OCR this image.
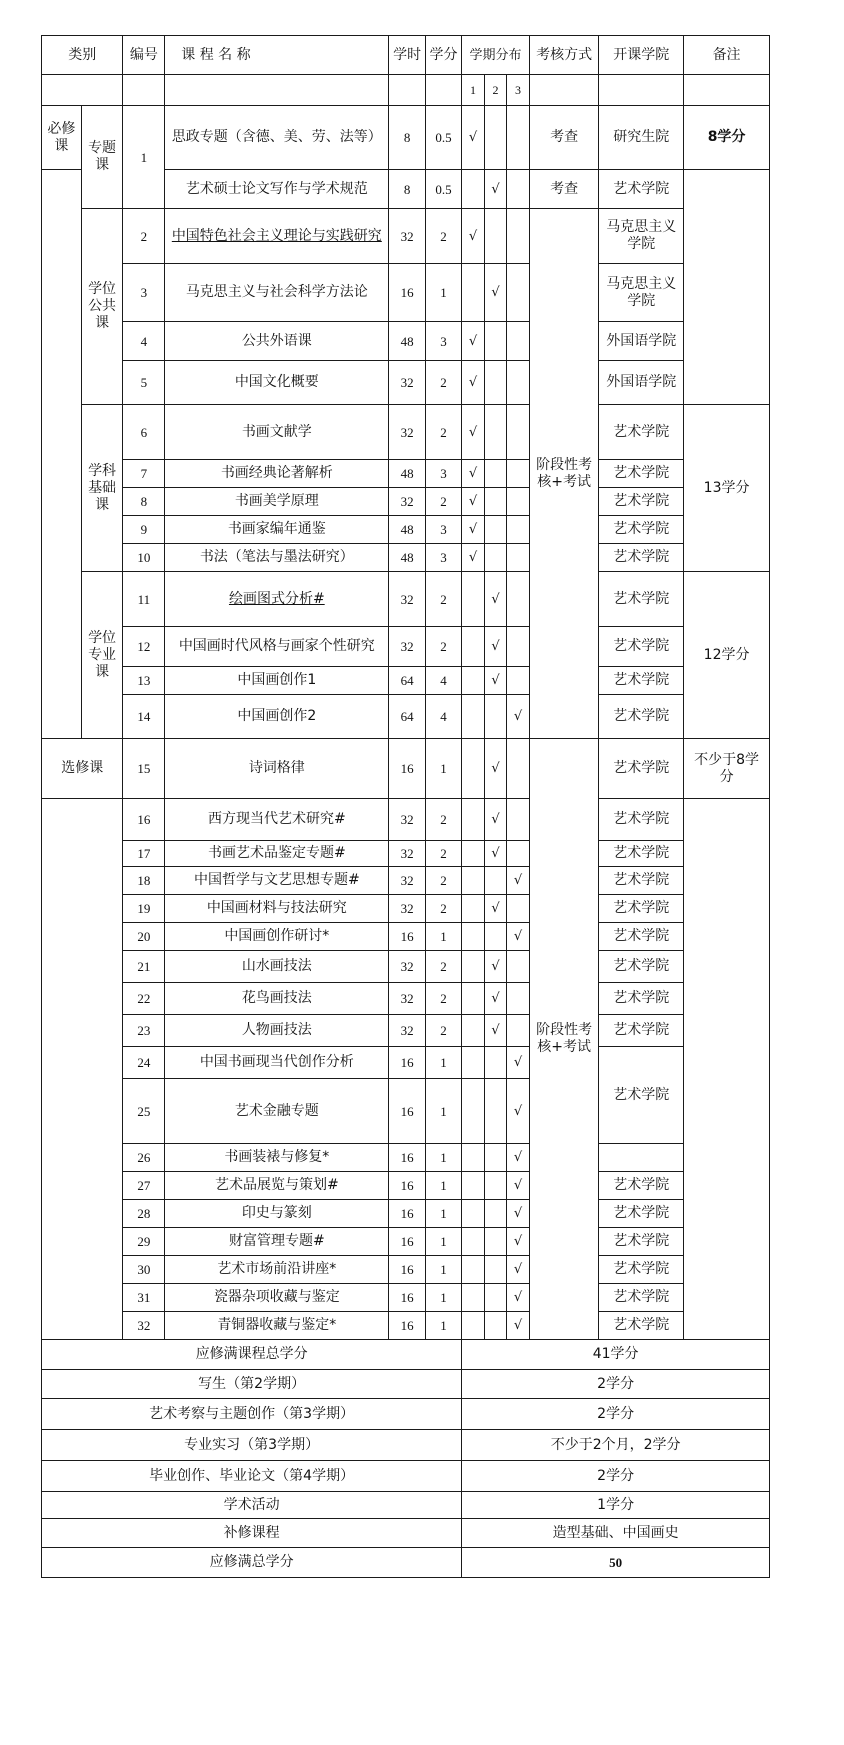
类别		编号	课 程 名 称	学时	学分	学期分布			考核方式	开课学院	备注
						1	2	3			
必修课	专题课	1	思政专题（含德、美、劳、法等）	8	0.5	√			考查	研究生院	8学分
			艺术硕士论文写作与学术规范	8	0.5		√		考查	艺术学院	
	学位公共课	2	中国特色社会主义理论与实践研究	32	2	√			阶段性考核+考试	马克思主义学院	
		3	马克思主义与社会科学方法论	16	1		√			马克思主义学院	
		4	公共外语课	48	3	√				外国语学院	
		5	中国文化概要	32	2	√				外国语学院	
	学科基础课	6	书画文献学	32	2	√				艺术学院	13学分
		7	书画经典论著解析	48	3	√				艺术学院	
		8	书画美学原理	32	2	√				艺术学院	
		9	书画家编年通鉴	48	3	√				艺术学院	
		10	书法（笔法与墨法研究）	48	3	√				艺术学院	
	学位专业课	11	绘画图式分析#	32	2		√			艺术学院	12学分
		12	中国画时代风格与画家个性研究	32	2		√			艺术学院	
		13	中国画创作1	64	4		√			艺术学院	
		14	中国画创作2	64	4			√		艺术学院	
选修课		15	诗词格律	16	1		√		阶段性考核+考试	艺术学院	不少于8学分
		16	西方现当代艺术研究#	32	2		√			艺术学院	
		17	书画艺术品鉴定专题#	32	2		√			艺术学院	
		18	中国哲学与文艺思想专题#	32	2			√		艺术学院	
		19	中国画材料与技法研究	32	2		√			艺术学院	
		20	中国画创作研讨*	16	1			√		艺术学院	
		21	山水画技法	32	2		√			艺术学院	
		22	花鸟画技法	32	2		√			艺术学院	
		23	人物画技法	32	2		√			艺术学院	
		24	中国书画现当代创作分析	16	1			√		艺术学院	
		25	艺术金融专题	16	1			√			
		26	书画装裱与修复*	16	1			√			
		27	艺术品展览与策划#	16	1			√		艺术学院	
		28	印史与篆刻	16	1			√		艺术学院	
		29	财富管理专题#	16	1			√		艺术学院	
		30	艺术市场前沿讲座*	16	1			√		艺术学院	
		31	瓷器杂项收藏与鉴定	16	1			√		艺术学院	
		32	青铜器收藏与鉴定*	16	1			√		艺术学院	
应修满课程总学分						41学分					
写生（第2学期）						2学分					
艺术考察与主题创作（第3学期）						2学分					
专业实习（第3学期）						不少于2个月，2学分					
毕业创作、毕业论文（第4学期）						2学分					
学术活动						1学分					
补修课程						造型基础、中国画史					
应修满总学分						50					
